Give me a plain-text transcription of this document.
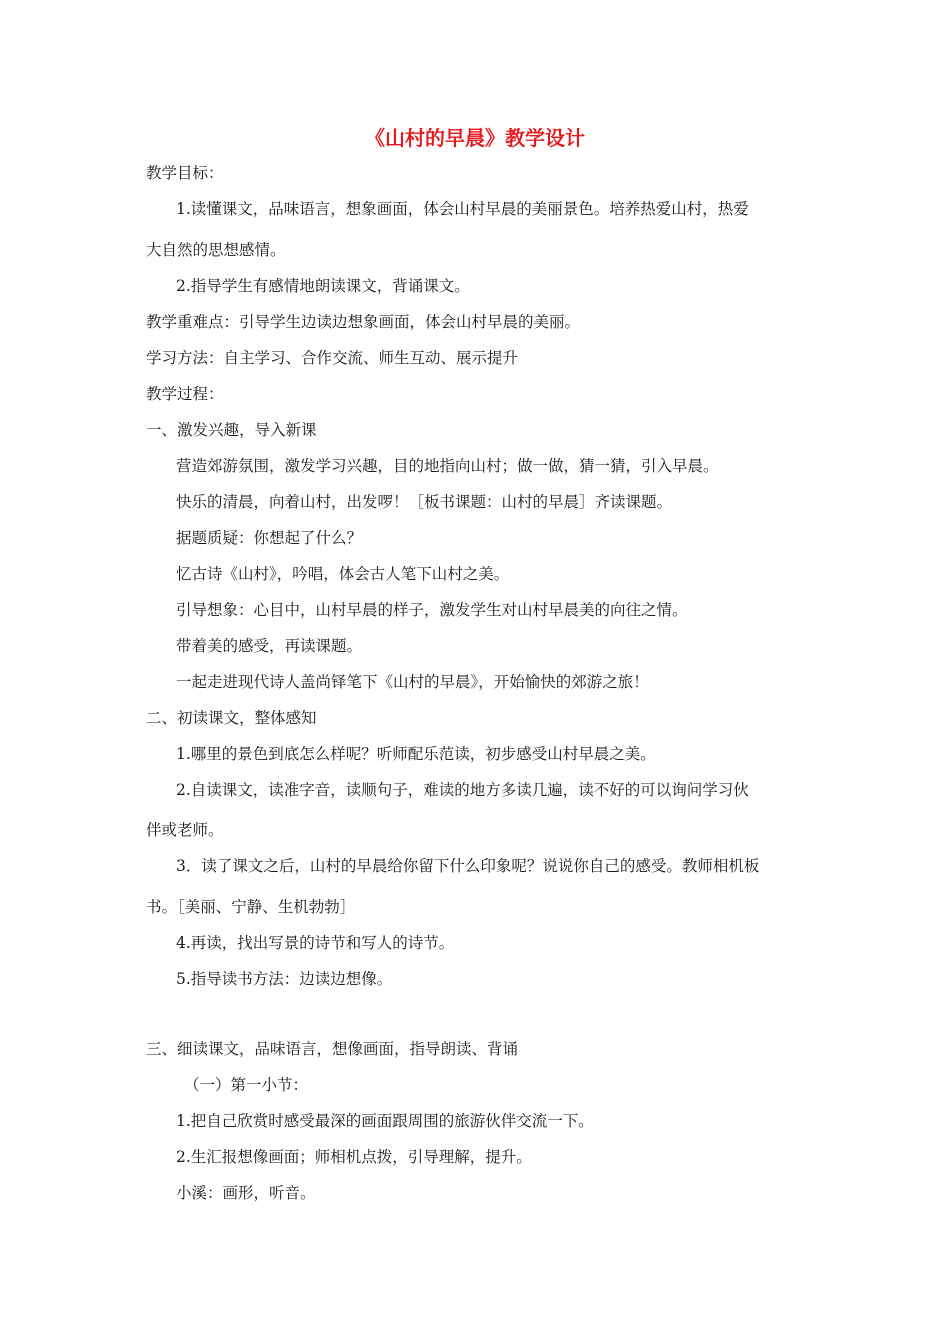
《山村的早晨》教学设计
教学目标：
1.读懂课文，品味语言，想象画面，体会山村早晨的美丽景色。培养热爱山村，热爱
大自然的思想感情。
2.指导学生有感情地朗读课文，背诵课文。
教学重难点：引导学生边读边想象画面，体会山村早晨的美丽。
学习方法：自主学习、合作交流、师生互动、展示提升
教学过程：
一、激发兴趣，导入新课
营造郊游氛围，激发学习兴趣，目的地指向山村；做一做，猜一猜，引入早晨。
快乐的清晨，向着山村，出发啰！［板书课题：山村的早晨］齐读课题。
据题质疑：你想起了什么？
忆古诗《山村》，吟唱，体会古人笔下山村之美。
引导想象：心目中，山村早晨的样子，激发学生对山村早晨美的向往之情。
带着美的感受，再读课题。
一起走进现代诗人盖尚铎笔下《山村的早晨》，开始愉快的郊游之旅！
二、初读课文，整体感知
1.哪里的景色到底怎么样呢？听师配乐范读，初步感受山村早晨之美。
2.自读课文，读准字音，读顺句子，难读的地方多读几遍，读不好的可以询问学习伙
伴或老师。
3．读了课文之后，山村的早晨给你留下什么印象呢？说说你自己的感受。教师相机板
书。［美丽、宁静、生机勃勃］
4.再读，找出写景的诗节和写人的诗节。
5.指导读书方法：边读边想像。
三、细读课文，品味语言，想像画面，指导朗读、背诵
（一）第一小节：
1.把自己欣赏时感受最深的画面跟周围的旅游伙伴交流一下。
2.生汇报想像画面；师相机点拨，引导理解，提升。
小溪：画形，听音。
